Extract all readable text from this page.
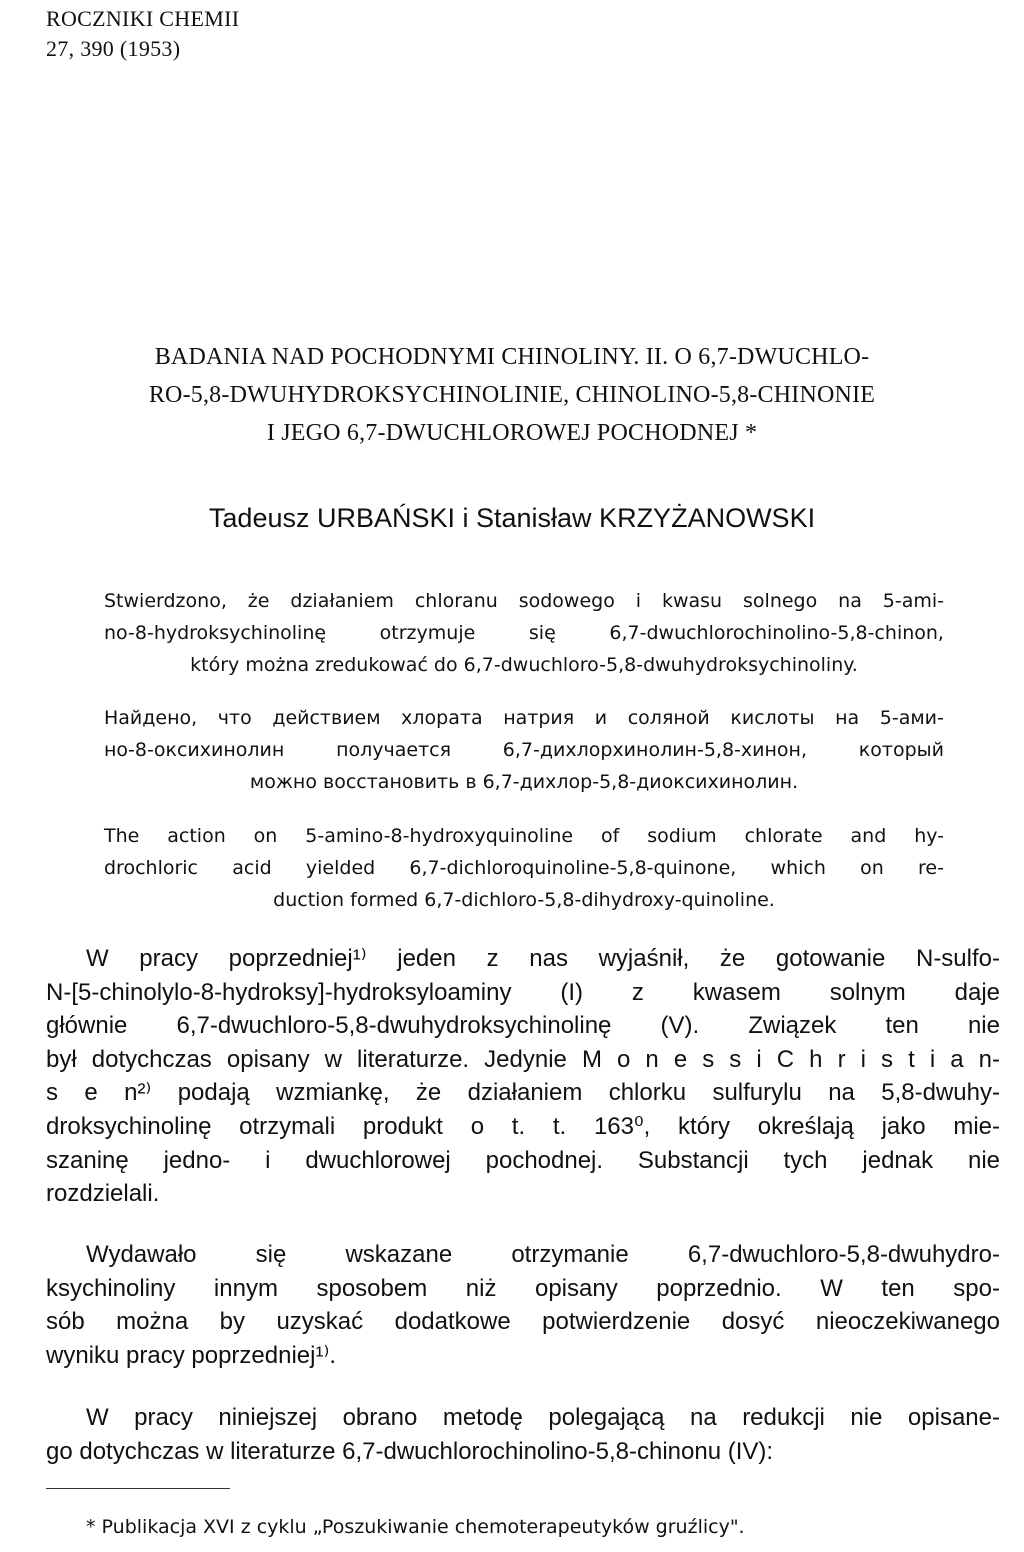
ROCZNIKI CHEMII
27, 390 (1953)
BADANIA NAD POCHODNYMI CHINOLINY. II. O 6,7-DWUCHLO-
RO-5,8-DWUHYDROKSYCHINOLINIE, CHINOLINO-5,8-CHINONIE
I JEGO 6,7-DWUCHLOROWEJ POCHODNEJ *
Tadeusz URBAŃSKI i Stanisław KRZYŻANOWSKI
Stwierdzono, że działaniem chloranu sodowego i kwasu solnego na 5-ami-
no-8-hydroksychinolinę	otrzymuje	się	6,7-dwuchlorochinolino-5,8-chinon,
który można zredukować do 6,7-dwuchloro-5,8-dwuhydroksychinoliny.
Найдено, что действием хлората натрия и соляной кислоты на 5-ами-
но-8-оксихинолин	получается	6,7-дихлорхинолин-5,8-хинон,	который
можно восстановить в 6,7-дихлор-5,8-диоксихинолин.
The action on 5-amino-8-hydroxyquinoline of sodium chlorate and hy-
drochloric acid yielded 6,7-dichloroquinoline-5,8-quinone, which on re-
duction formed 6,7-dichloro-5,8-dihydroxy-quinoline.
W pracy poprzedniej¹⁾ jeden z nas wyjaśnił, że gotowanie N-sulfo-
N-[5-chinolylo-8-hydroksy]-hydroksyloaminy (I) z kwasem solnym daje
głównie 6,7-dwuchloro-5,8-dwuhydroksychinolinę (V). Związek ten nie
był dotychczas opisany w literaturze. Jedynie M o n e s s i C h r i s t i a n-
s e n²⁾ podają wzmiankę, że działaniem chlorku sulfurylu na 5,8-dwuhy-
droksychinolinę otrzymali produkt o t. t. 163⁰, który określają jako mie-
szaninę jedno- i dwuchlorowej pochodnej. Substancji tych jednak nie
rozdzielali.
Wydawało się wskazane otrzymanie 6,7-dwuchloro-5,8-dwuhydro-
ksychinoliny innym sposobem niż opisany poprzednio. W ten spo-
sób można by uzyskać dodatkowe potwierdzenie dosyć nieoczekiwanego
wyniku pracy poprzedniej¹⁾.
W pracy niniejszej obrano metodę polegającą na redukcji nie opisane-
go dotychczas w literaturze 6,7-dwuchlorochinolino-5,8-chinonu (IV):
* Publikacja XVI z cyklu „Poszukiwanie chemoterapeutyków gruźlicy".
